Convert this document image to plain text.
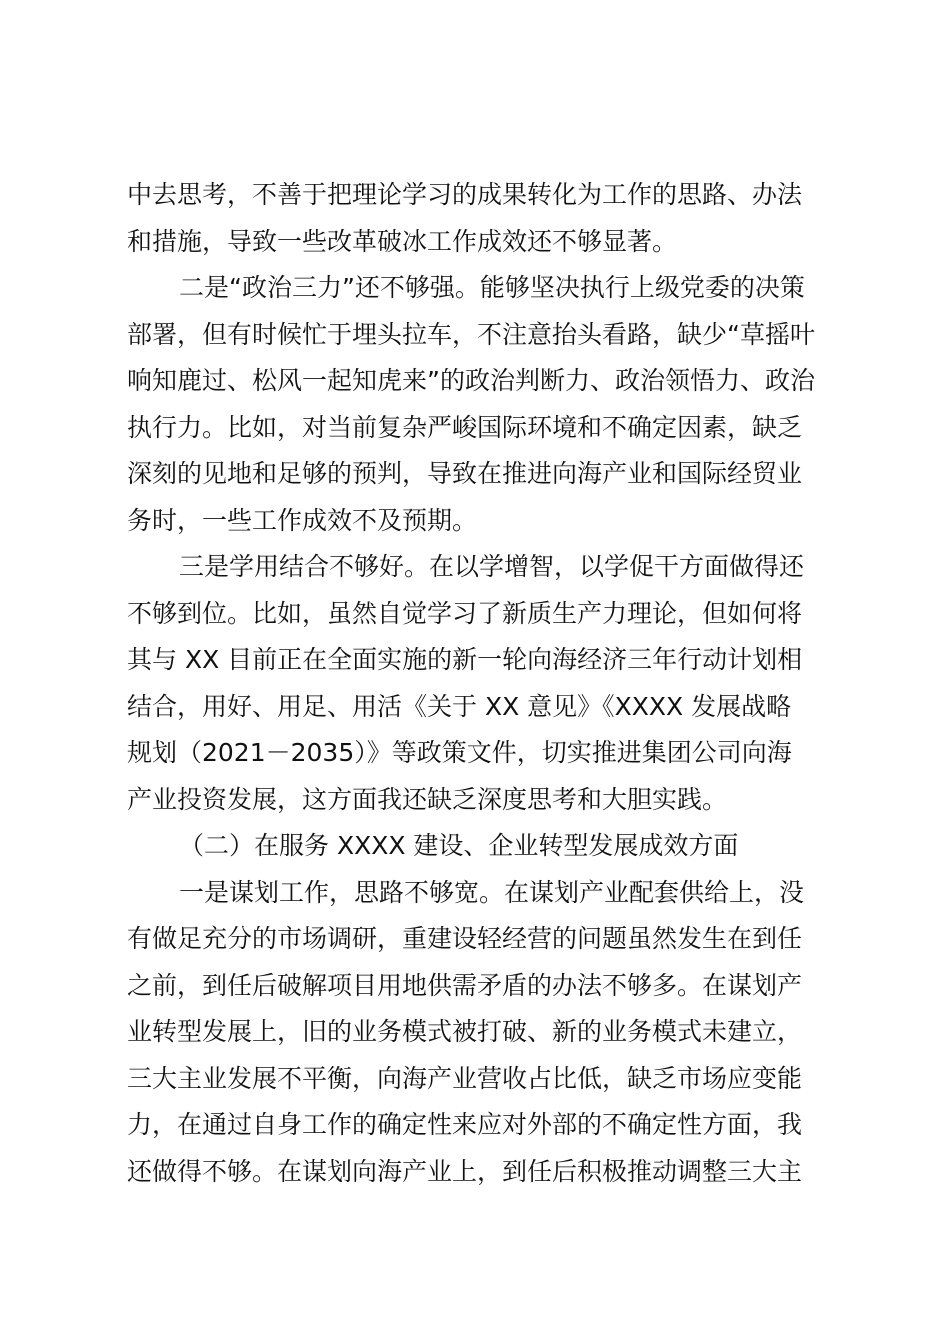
中去思考，不善于把理论学习的成果转化为工作的思路、办法
和措施，导致一些改革破冰工作成效还不够显著。
二是“政治三力”还不够强。能够坚决执行上级党委的决策
部署，但有时候忙于埋头拉车，不注意抬头看路，缺少“草摇叶
响知鹿过、松风一起知虎来”的政治判断力、政治领悟力、政治
执行力。比如，对当前复杂严峻国际环境和不确定因素，缺乏
深刻的见地和足够的预判，导致在推进向海产业和国际经贸业
务时，一些工作成效不及预期。
三是学用结合不够好。在以学增智，以学促干方面做得还
不够到位。比如，虽然自觉学习了新质生产力理论，但如何将
其与 XX 目前正在全面实施的新一轮向海经济三年行动计划相
结合，用好、用足、用活《关于 XX 意见》《XXXX 发展战略
规划（2021－2035）》等政策文件，切实推进集团公司向海
产业投资发展，这方面我还缺乏深度思考和大胆实践。
（二）在服务 XXXX 建设、企业转型发展成效方面
一是谋划工作，思路不够宽。在谋划产业配套供给上，没
有做足充分的市场调研，重建设轻经营的问题虽然发生在到任
之前，到任后破解项目用地供需矛盾的办法不够多。在谋划产
业转型发展上，旧的业务模式被打破、新的业务模式未建立，
三大主业发展不平衡，向海产业营收占比低，缺乏市场应变能
力，在通过自身工作的确定性来应对外部的不确定性方面，我
还做得不够。在谋划向海产业上，到任后积极推动调整三大主
